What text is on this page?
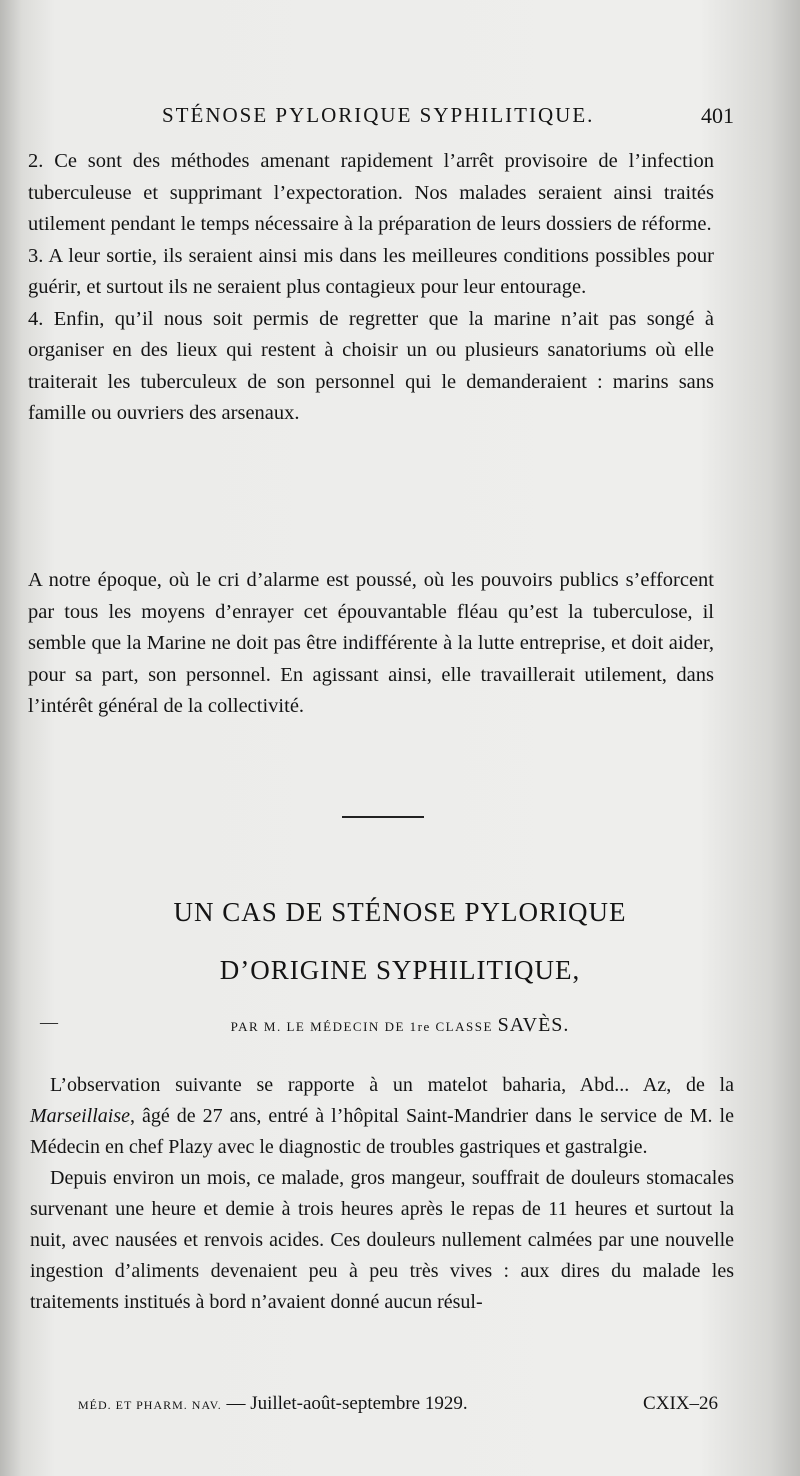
STÉNOSE PYLORIQUE SYPHILITIQUE.	401

2. Ce sont des méthodes amenant rapidement l’arrêt provisoire de l’infection tuberculeuse et supprimant l’expectoration. Nos malades seraient ainsi traités utilement pendant le temps nécessaire à la préparation de leurs dossiers de réforme.

3. A leur sortie, ils seraient ainsi mis dans les meilleures conditions possibles pour guérir, et surtout ils ne seraient plus contagieux pour leur entourage.

4. Enfin, qu’il nous soit permis de regretter que la marine n’ait pas songé à organiser en des lieux qui restent à choisir un ou plusieurs sanatoriums où elle traiterait les tuberculeux de son personnel qui le demanderaient : marins sans famille ou ouvriers des arsenaux.

A notre époque, où le cri d’alarme est poussé, où les pouvoirs publics s’efforcent par tous les moyens d’enrayer cet épouvantable fléau qu’est la tuberculose, il semble que la Marine ne doit pas être indifférente à la lutte entreprise, et doit aider, pour sa part, son personnel. En agissant ainsi, elle travaillerait utilement, dans l’intérêt général de la collectivité.

UN CAS DE STÉNOSE PYLORIQUE
D’ORIGINE SYPHILITIQUE,
—	PAR M. LE MÉDECIN DE 1re CLASSE SAVÈS.

L’observation suivante se rapporte à un matelot baharia, Abd... Az, de la Marseillaise, âgé de 27 ans, entré à l’hôpital Saint-Mandrier dans le service de M. le Médecin en chef Plazy avec le diagnostic de troubles gastriques et gastralgie.

Depuis environ un mois, ce malade, gros mangeur, souffrait de douleurs stomacales survenant une heure et demie à trois heures après le repas de 11 heures et surtout la nuit, avec nausées et renvois acides. Ces douleurs nullement calmées par une nouvelle ingestion d’aliments devenaient peu à peu très vives : aux dires du malade les traitements institués à bord n’avaient donné aucun résul-

MÉD. ET PHARM. NAV. — Juillet-août-septembre 1929.	CXIX–26
